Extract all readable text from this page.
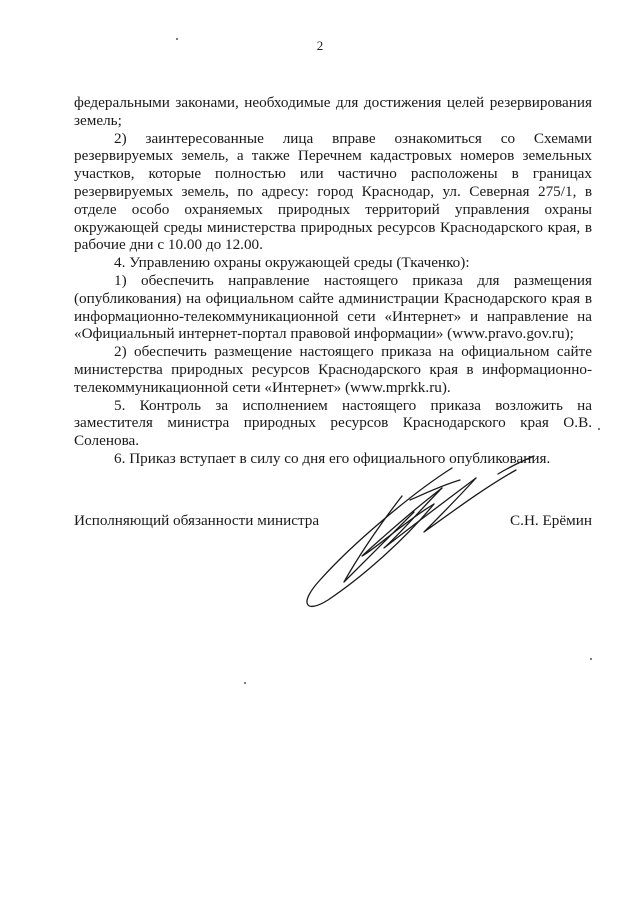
2

федеральными законами, необходимые для достижения целей резервирования земель;

2) заинтересованные лица вправе ознакомиться со Схемами резервируемых земель, а также Перечнем кадастровых номеров земельных участков, которые полностью или частично расположены в границах резервируемых земель, по адресу: город Краснодар, ул. Северная 275/1, в отделе особо охраняемых природных территорий управления охраны окружающей среды министерства природных ресурсов Краснодарского края, в рабочие дни с 10.00 до 12.00.

4. Управлению охраны окружающей среды (Ткаченко):

1) обеспечить направление настоящего приказа для размещения (опубликования) на официальном сайте администрации Краснодарского края в информационно-телекоммуникационной сети «Интернет» и направление на «Официальный интернет-портал правовой информации» (www.pravo.gov.ru);

2) обеспечить размещение настоящего приказа на официальном сайте министерства природных ресурсов Краснодарского края в информационно-телекоммуникационной сети «Интернет» (www.mprkk.ru).

5. Контроль за исполнением настоящего приказа возложить на заместителя министра природных ресурсов Краснодарского края О.В. Соленова.

6. Приказ вступает в силу со дня его официального опубликования.

Исполняющий обязанности министра	С.Н. Ерёмин
